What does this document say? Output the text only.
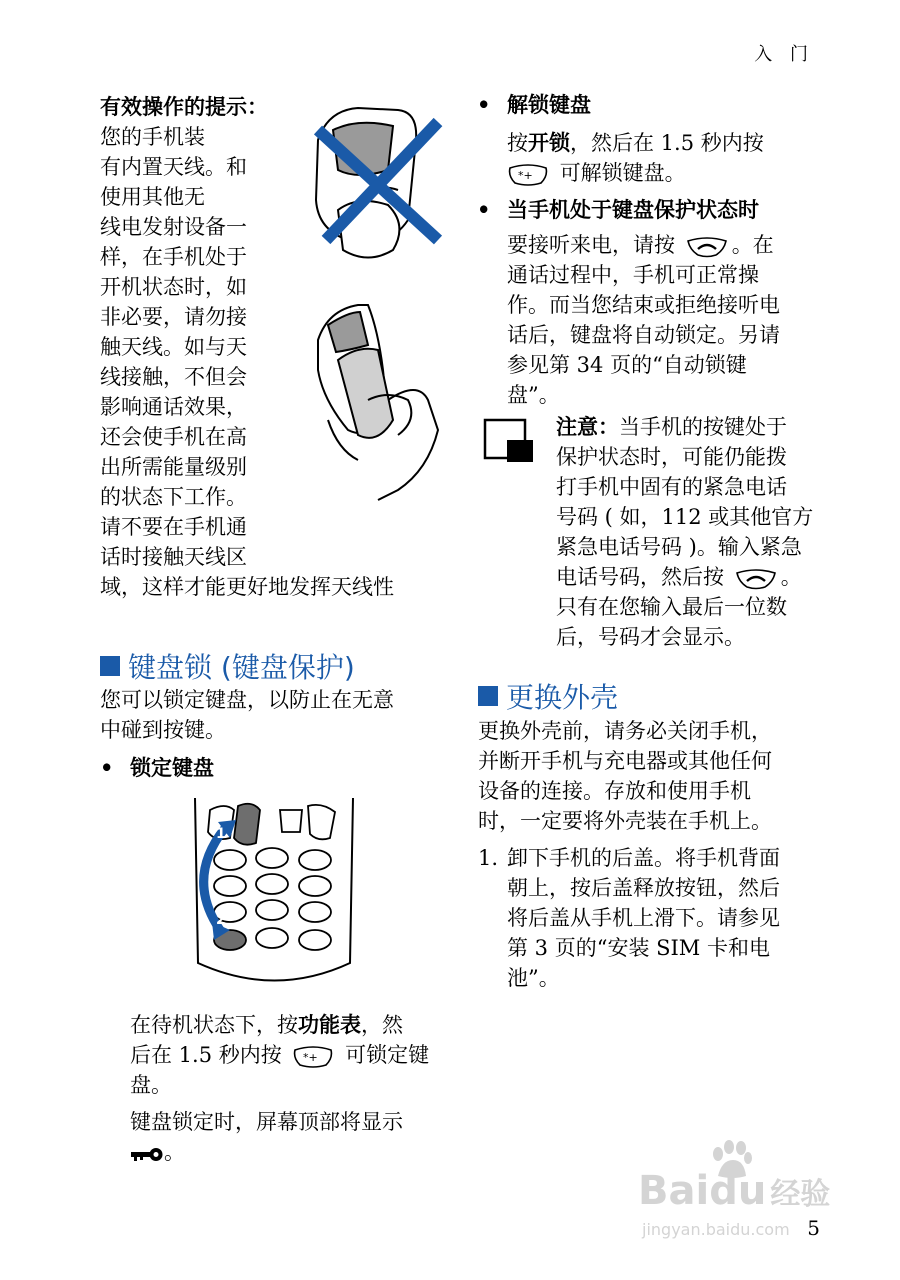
入 门
有效操作的提示：
您的手机装
有内置天线。和
使用其他无
线电发射设备一
样，在手机处于
开机状态时，如
非必要，请勿接
触天线。如与天
线接触，不但会
影响通话效果，
还会使手机在高
出所需能量级别
的状态下工作。
请不要在手机通
话时接触天线区
域，这样才能更好地发挥天线性
键盘锁 (键盘保护)
您可以锁定键盘，以防止在无意
中碰到按键。
• 锁定键盘
1
2
在待机状态下，按功能表，然
后在 1.5 秒内按 *+ 可锁定键
盘。
键盘锁定时，屏幕顶部将显示
。
• 解锁键盘
按开锁，然后在 1.5 秒内按
*+ 可解锁键盘。
• 当手机处于键盘保护状态时
要接听来电，请按	。在
通话过程中，手机可正常操
作。而当您结束或拒绝接听电
话后，键盘将自动锁定。另请
参见第 34 页的“自动锁键
盘”。
注意：当手机的按键处于
保护状态时，可能仍能拨
打手机中固有的紧急电话
号码 ( 如，112 或其他官方
紧急电话号码 )。输入紧急
电话号码，然后按	。
只有在您输入最后一位数
后，号码才会显示。
更换外壳
更换外壳前，请务必关闭手机，
并断开手机与充电器或其他任何
设备的连接。存放和使用手机
时，一定要将外壳装在手机上。
1. 卸下手机的后盖。将手机背面
朝上，按后盖释放按钮，然后
将后盖从手机上滑下。请参见
第 3 页的“安装 SIM 卡和电
池”。
Baidu 经验
jingyan.baidu.com 5
